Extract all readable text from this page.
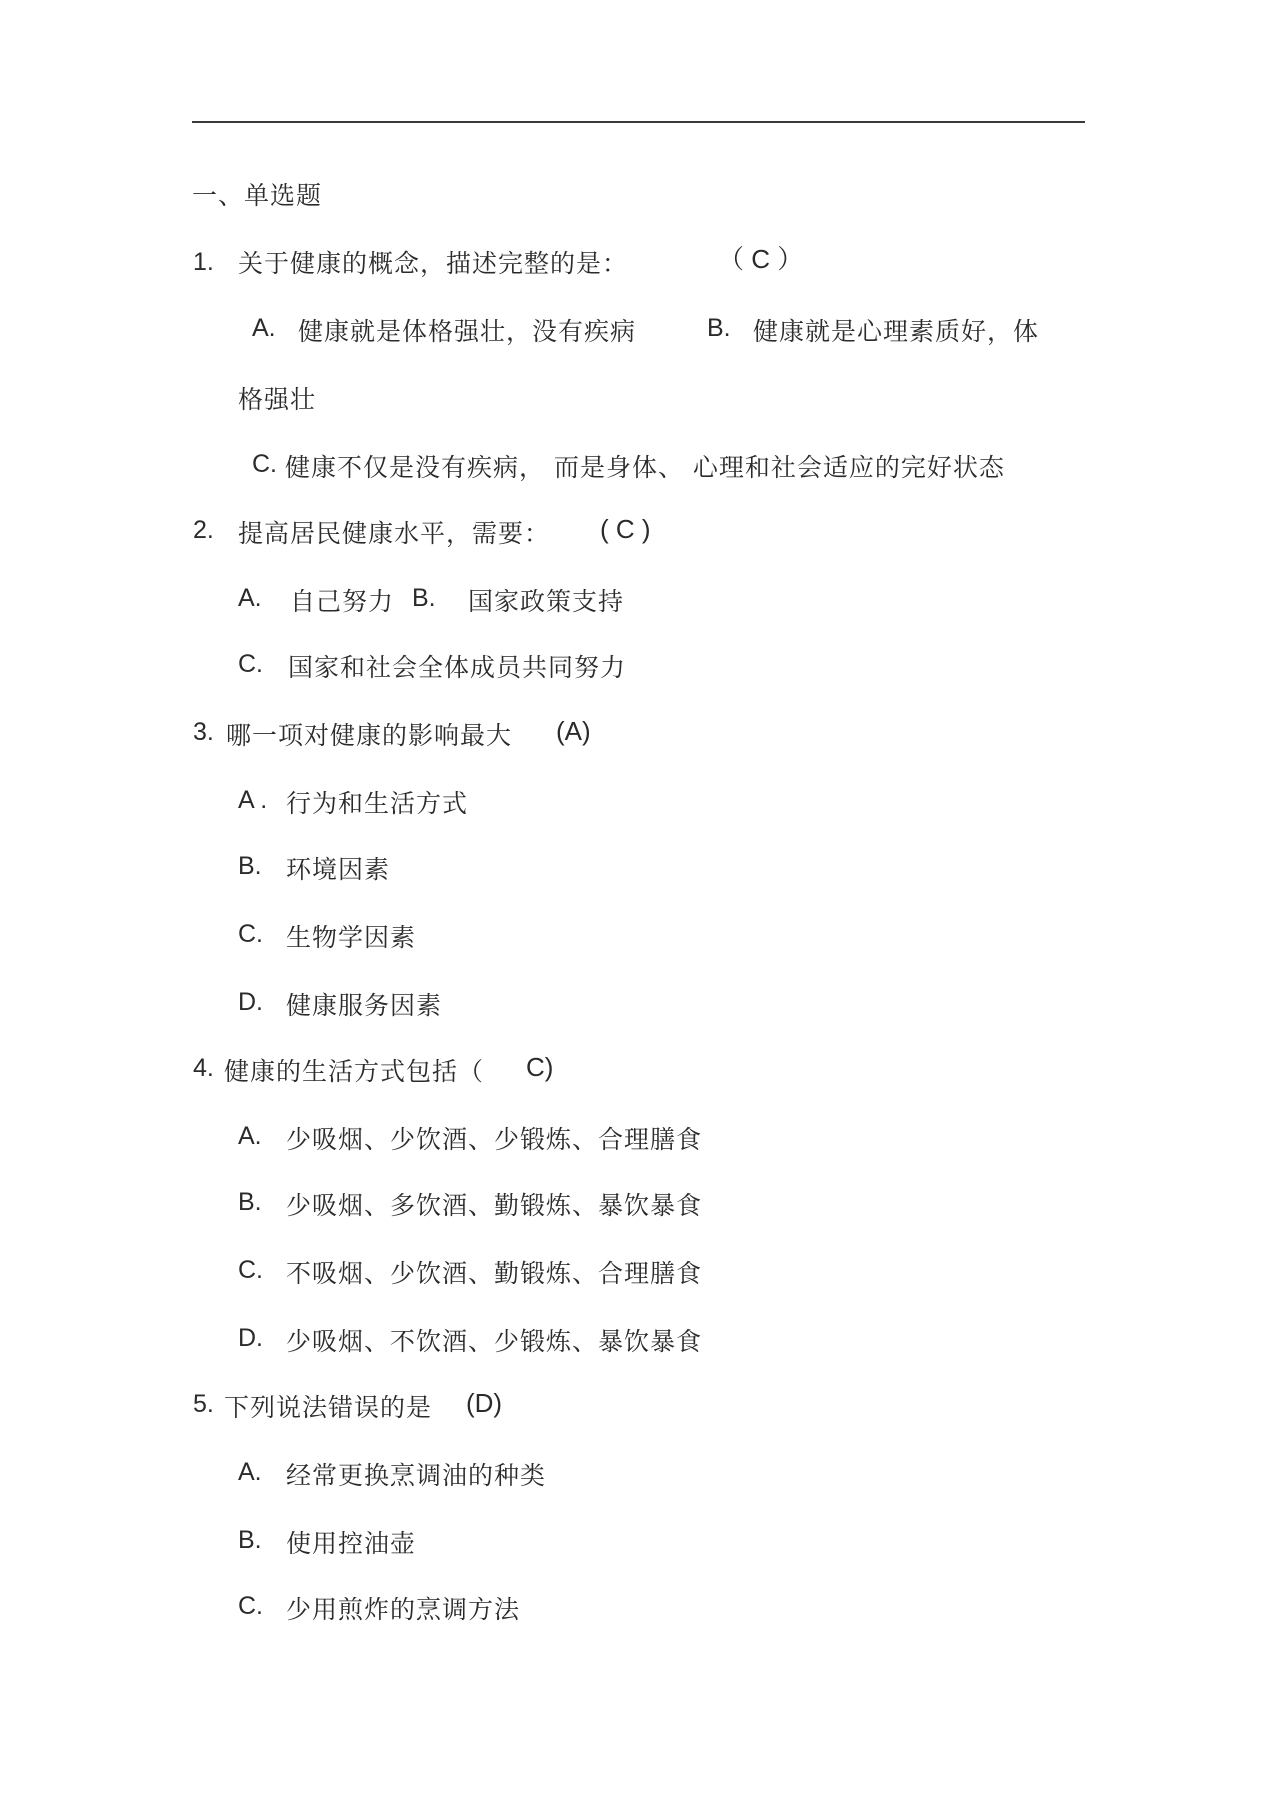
一、单选题
1. 关于健康的概念，描述完整的是：	（ C ）
A. 健康就是体格强壮，没有疾病	B. 健康就是心理素质好，体
格强壮
C. 健康不仅是没有疾病， 而是身体、 心理和社会适应的完好状态
2. 提高居民健康水平，需要： ( C )
A. 自己努力 B. 国家政策支持
C. 国家和社会全体成员共同努力
3. 哪一项对健康的影响最大 (A)
A . 行为和生活方式
B. 环境因素
C. 生物学因素
D. 健康服务因素
4. 健康的生活方式包括（ C)
A. 少吸烟、少饮酒、少锻炼、合理膳食
B. 少吸烟、多饮酒、勤锻炼、暴饮暴食
C. 不吸烟、少饮酒、勤锻炼、合理膳食
D. 少吸烟、不饮酒、少锻炼、暴饮暴食
5. 下列说法错误的是 (D)
A. 经常更换烹调油的种类
B. 使用控油壶
C. 少用煎炸的烹调方法
